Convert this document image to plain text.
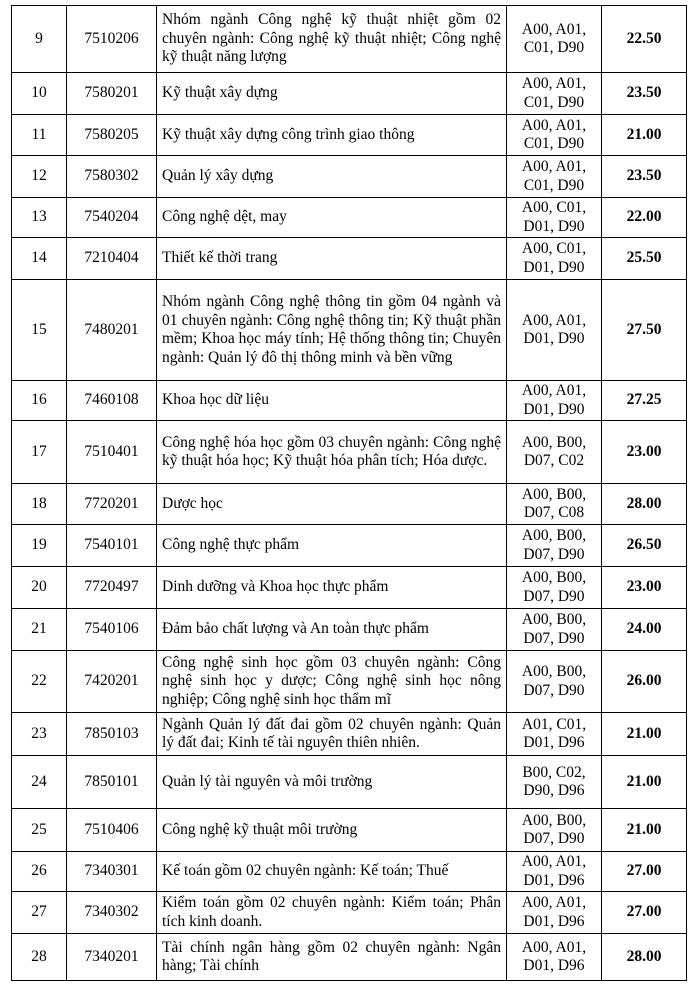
9	7510206	Nhóm ngành Công nghệ kỹ thuật nhiệt gồm 02 chuyên ngành: Công nghệ kỹ thuật nhiệt; Công nghệ kỹ thuật năng lượng	A00, A01,
C01, D90	22.50
10	7580201	Kỹ thuật xây dựng	A00, A01,
C01, D90	23.50
11	7580205	Kỹ thuật xây dựng công trình giao thông	A00, A01,
C01, D90	21.00
12	7580302	Quản lý xây dựng	A00, A01,
C01, D90	23.50
13	7540204	Công nghệ dệt, may	A00, C01,
D01, D90	22.00
14	7210404	Thiết kế thời trang	A00, C01,
D01, D90	25.50
15	7480201	Nhóm ngành Công nghệ thông tin gồm 04 ngành và 01 chuyên ngành: Công nghệ thông tin; Kỹ thuật phần mềm; Khoa học máy tính; Hệ thống thông tin; Chuyên ngành: Quản lý đô thị thông minh và bền vững	A00, A01,
D01, D90	27.50
16	7460108	Khoa học dữ liệu	A00, A01,
D01, D90	27.25
17	7510401	Công nghệ hóa học gồm 03 chuyên ngành: Công nghệ kỹ thuật hóa học; Kỹ thuật hóa phân tích; Hóa dược.	A00, B00,
D07, C02	23.00
18	7720201	Dược học	A00, B00,
D07, C08	28.00
19	7540101	Công nghệ thực phẩm	A00, B00,
D07, D90	26.50
20	7720497	Dinh dưỡng và Khoa học thực phẩm	A00, B00,
D07, D90	23.00
21	7540106	Đảm bảo chất lượng và An toàn thực phẩm	A00, B00,
D07, D90	24.00
22	7420201	Công nghệ sinh học gồm 03 chuyên ngành: Công nghệ sinh học y dược; Công nghệ sinh học nông nghiệp; Công nghệ sinh học thẩm mĩ	A00, B00,
D07, D90	26.00
23	7850103	Ngành Quản lý đất đai gồm 02 chuyên ngành: Quản lý đất đai; Kinh tế tài nguyên thiên nhiên.	A01, C01,
D01, D96	21.00
24	7850101	Quản lý tài nguyên và môi trường	B00, C02,
D90, D96	21.00
25	7510406	Công nghệ kỹ thuật môi trường	A00, B00,
D07, D90	21.00
26	7340301	Kế toán gồm 02 chuyên ngành: Kế toán; Thuế	A00, A01,
D01, D96	27.00
27	7340302	Kiểm toán gồm 02 chuyên ngành: Kiểm toán; Phân tích kinh doanh.	A00, A01,
D01, D96	27.00
28	7340201	Tài chính ngân hàng gồm 02 chuyên ngành: Ngân hàng; Tài chính	A00, A01,
D01, D96	28.00
